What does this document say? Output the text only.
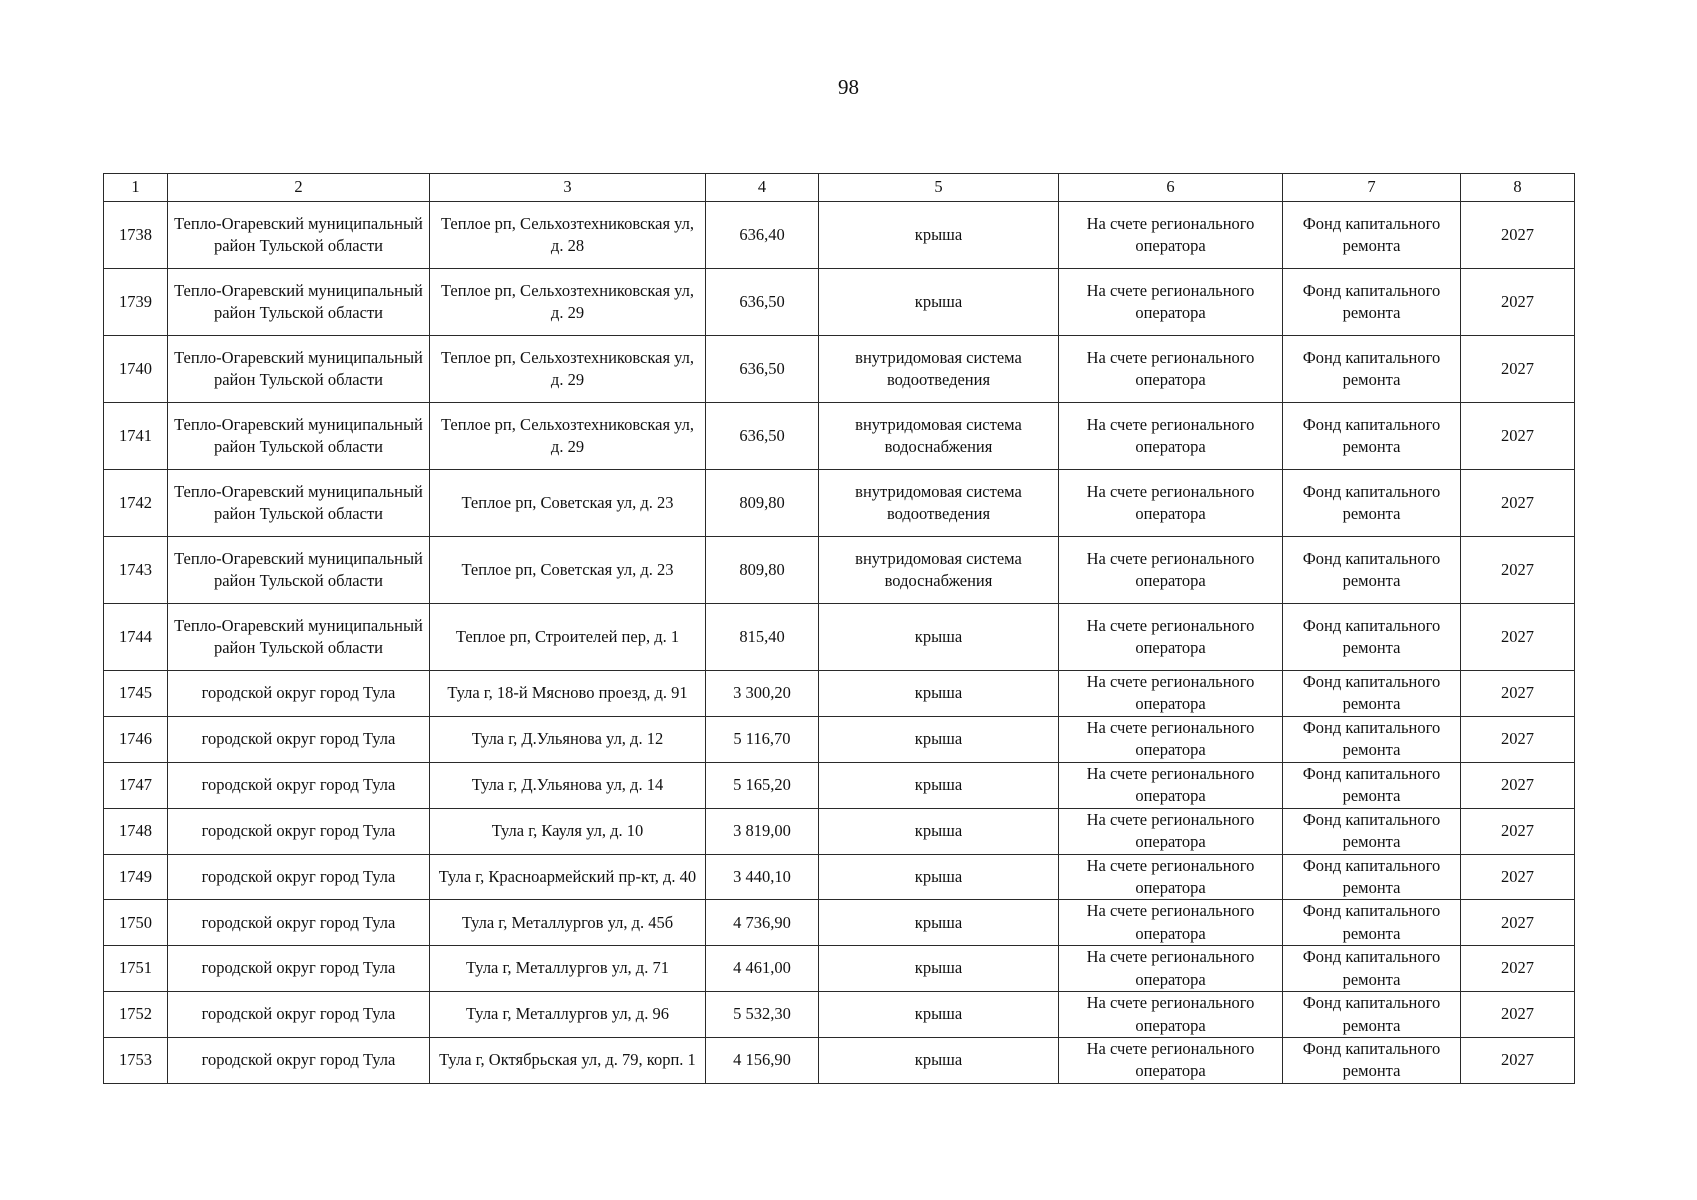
98
1	2	3	4	5	6	7	8
1738	Тепло-Огаревский муниципальный район Тульской области	Теплое рп, Сельхозтехниковская ул, д. 28	636,40	крыша	На счете регионального оператора	Фонд капитального ремонта	2027
1739	Тепло-Огаревский муниципальный район Тульской области	Теплое рп, Сельхозтехниковская ул, д. 29	636,50	крыша	На счете регионального оператора	Фонд капитального ремонта	2027
1740	Тепло-Огаревский муниципальный район Тульской области	Теплое рп, Сельхозтехниковская ул, д. 29	636,50	внутридомовая система водоотведения	На счете регионального оператора	Фонд капитального ремонта	2027
1741	Тепло-Огаревский муниципальный район Тульской области	Теплое рп, Сельхозтехниковская ул, д. 29	636,50	внутридомовая система водоснабжения	На счете регионального оператора	Фонд капитального ремонта	2027
1742	Тепло-Огаревский муниципальный район Тульской области	Теплое рп, Советская ул, д. 23	809,80	внутридомовая система водоотведения	На счете регионального оператора	Фонд капитального ремонта	2027
1743	Тепло-Огаревский муниципальный район Тульской области	Теплое рп, Советская ул, д. 23	809,80	внутридомовая система водоснабжения	На счете регионального оператора	Фонд капитального ремонта	2027
1744	Тепло-Огаревский муниципальный район Тульской области	Теплое рп, Строителей пер, д. 1	815,40	крыша	На счете регионального оператора	Фонд капитального ремонта	2027
1745	городской округ город Тула	Тула г, 18-й Мясново проезд, д. 91	3 300,20	крыша	На счете регионального оператора	Фонд капитального ремонта	2027
1746	городской округ город Тула	Тула г, Д.Ульянова ул, д. 12	5 116,70	крыша	На счете регионального оператора	Фонд капитального ремонта	2027
1747	городской округ город Тула	Тула г, Д.Ульянова ул, д. 14	5 165,20	крыша	На счете регионального оператора	Фонд капитального ремонта	2027
1748	городской округ город Тула	Тула г, Кауля ул, д. 10	3 819,00	крыша	На счете регионального оператора	Фонд капитального ремонта	2027
1749	городской округ город Тула	Тула г, Красноармейский пр-кт, д. 40	3 440,10	крыша	На счете регионального оператора	Фонд капитального ремонта	2027
1750	городской округ город Тула	Тула г, Металлургов ул, д. 45б	4 736,90	крыша	На счете регионального оператора	Фонд капитального ремонта	2027
1751	городской округ город Тула	Тула г, Металлургов ул, д. 71	4 461,00	крыша	На счете регионального оператора	Фонд капитального ремонта	2027
1752	городской округ город Тула	Тула г, Металлургов ул, д. 96	5 532,30	крыша	На счете регионального оператора	Фонд капитального ремонта	2027
1753	городской округ город Тула	Тула г, Октябрьская ул, д. 79, корп. 1	4 156,90	крыша	На счете регионального оператора	Фонд капитального ремонта	2027
